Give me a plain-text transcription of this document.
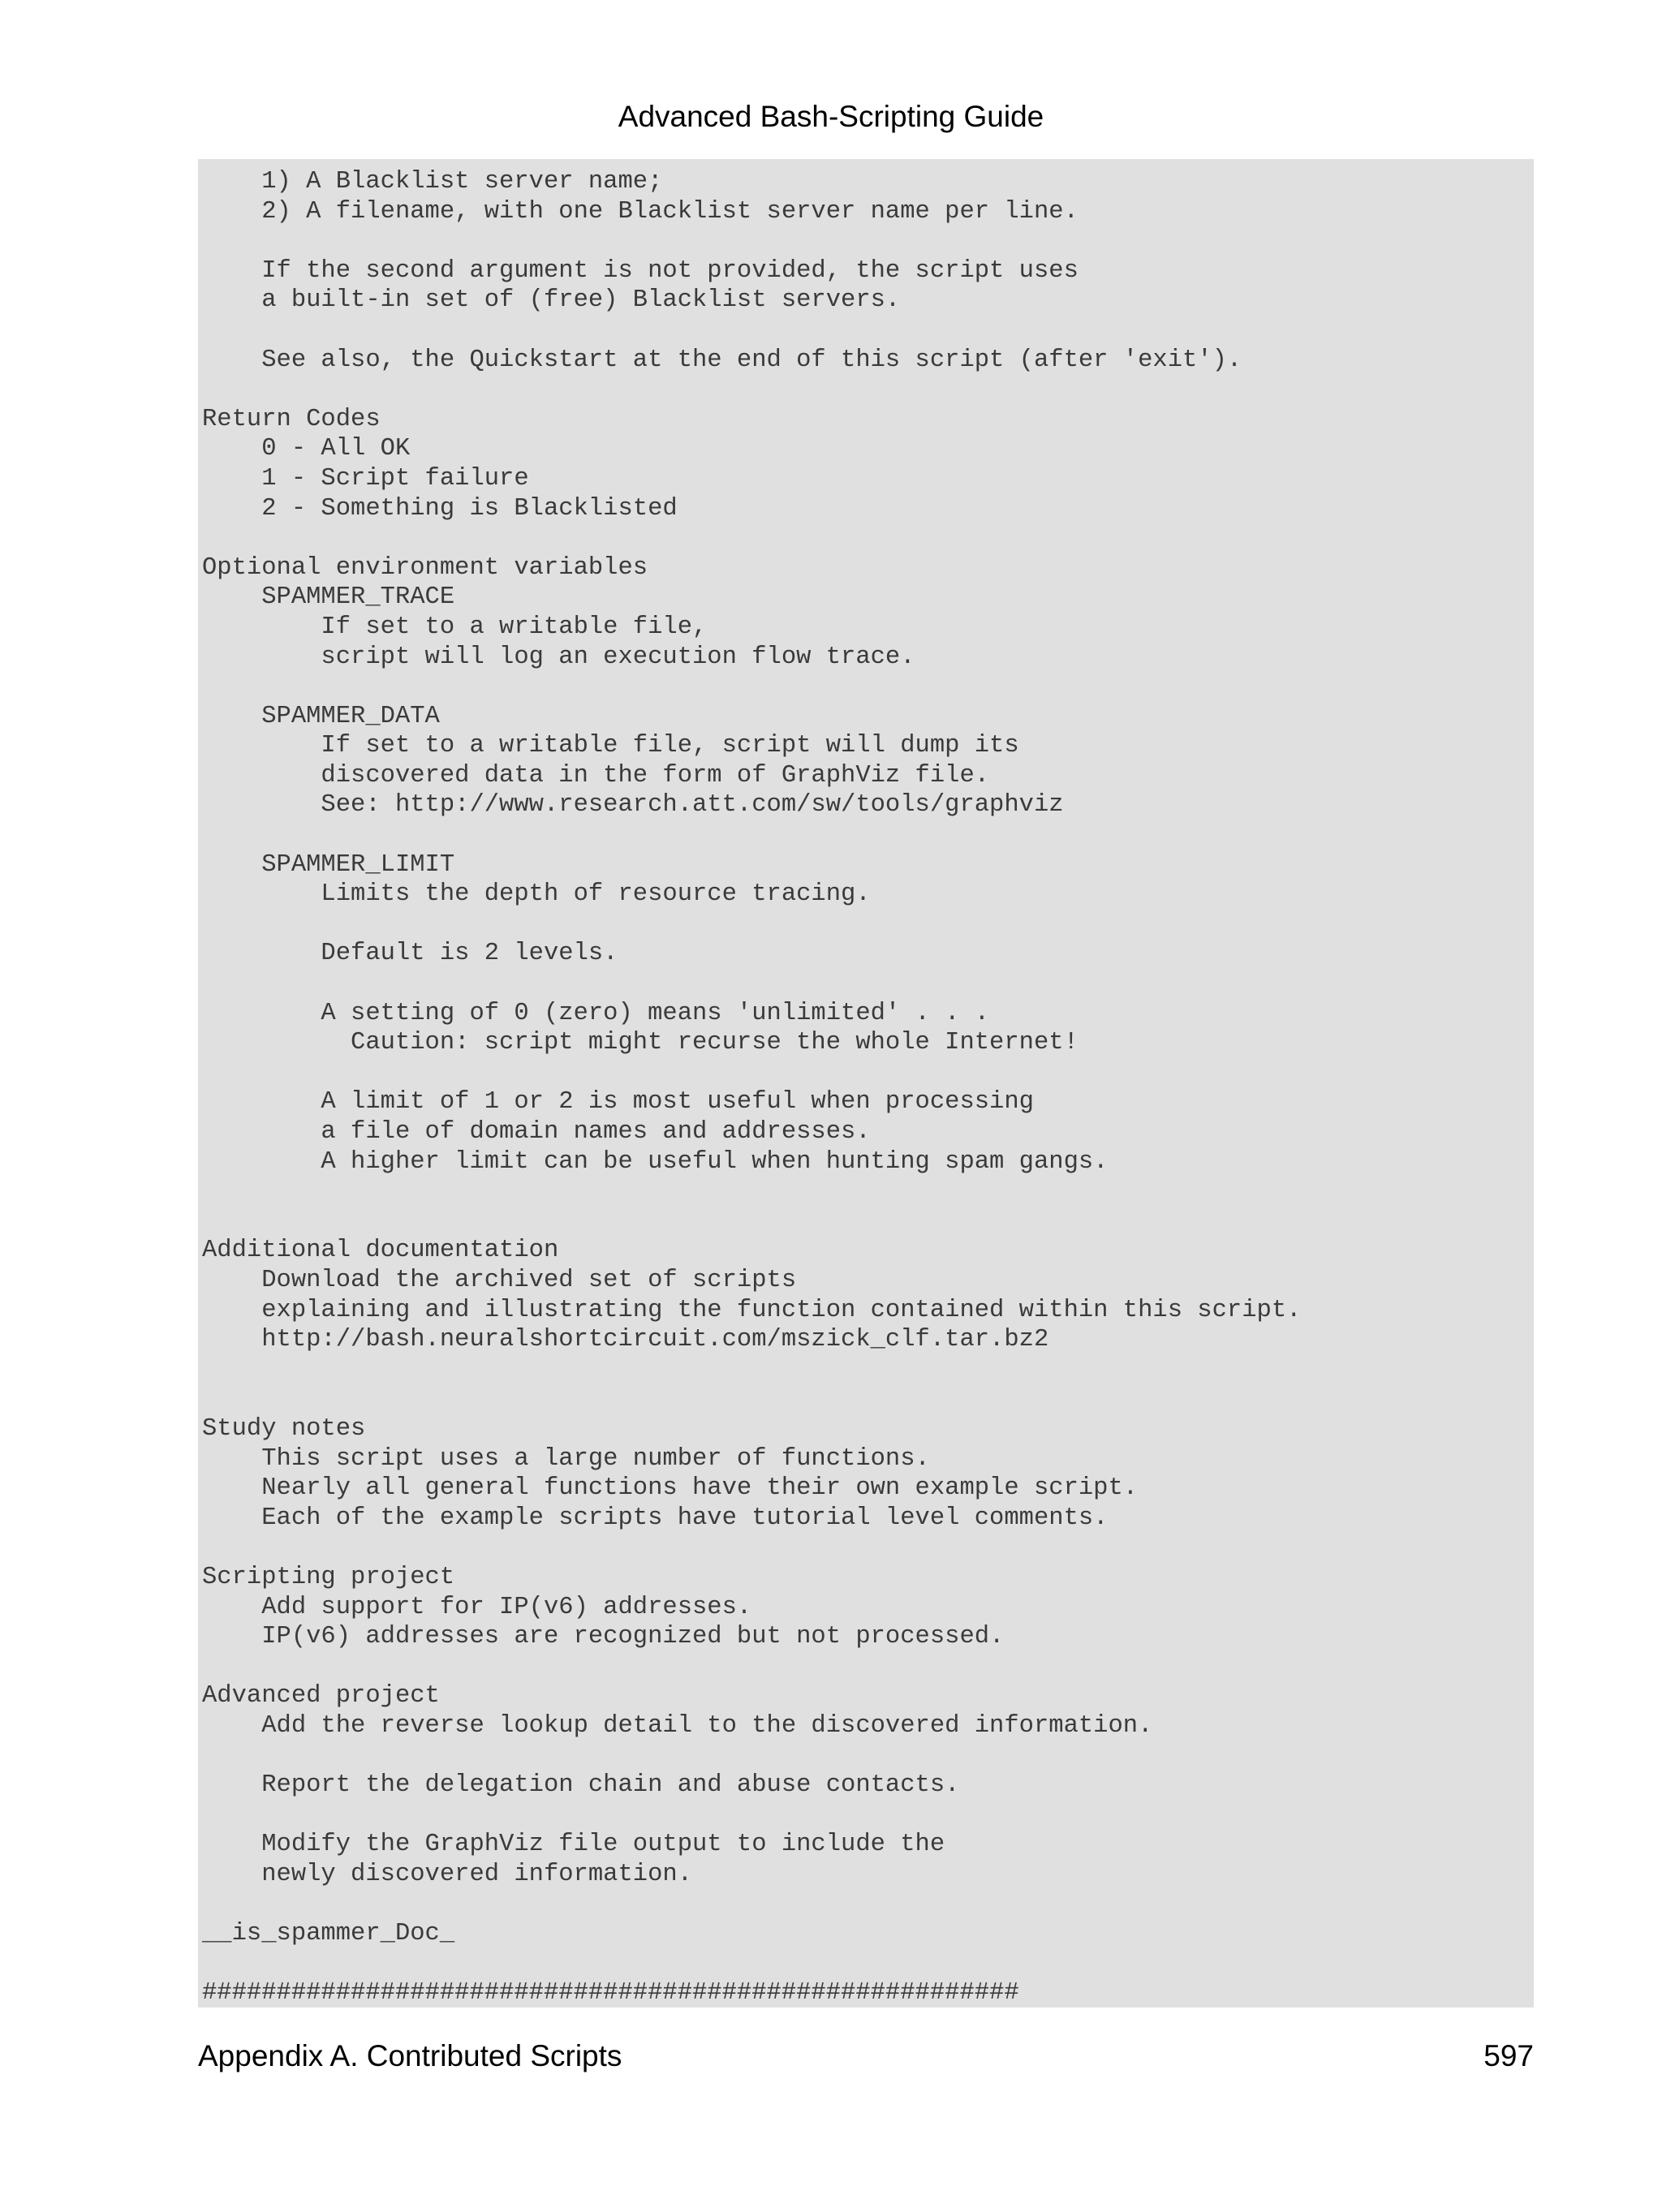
Advanced Bash-Scripting Guide
1) A Blacklist server name;
2) A filename, with one Blacklist server name per line.

If the second argument is not provided, the script uses
a built-in set of (free) Blacklist servers.

See also, the Quickstart at the end of this script (after 'exit').

Return Codes
0 - All OK
1 - Script failure
2 - Something is Blacklisted

Optional environment variables
SPAMMER_TRACE
If set to a writable file,
script will log an execution flow trace.

SPAMMER_DATA
If set to a writable file, script will dump its
discovered data in the form of GraphViz file.
See: http://www.research.att.com/sw/tools/graphviz

SPAMMER_LIMIT
Limits the depth of resource tracing.

Default is 2 levels.

A setting of 0 (zero) means 'unlimited' . . .
Caution: script might recurse the whole Internet!

A limit of 1 or 2 is most useful when processing
a file of domain names and addresses.
A higher limit can be useful when hunting spam gangs.

Additional documentation
Download the archived set of scripts
explaining and illustrating the function contained within this script.
http://bash.neuralshortcircuit.com/mszick_clf.tar.bz2

Study notes
This script uses a large number of functions.
Nearly all general functions have their own example script.
Each of the example scripts have tutorial level comments.

Scripting project
Add support for IP(v6) addresses.
IP(v6) addresses are recognized but not processed.

Advanced project
Add the reverse lookup detail to the discovered information.

Report the delegation chain and abuse contacts.

Modify the GraphViz file output to include the
newly discovered information.

__is_spammer_Doc_

#######################################################
Appendix A. Contributed Scripts	597
